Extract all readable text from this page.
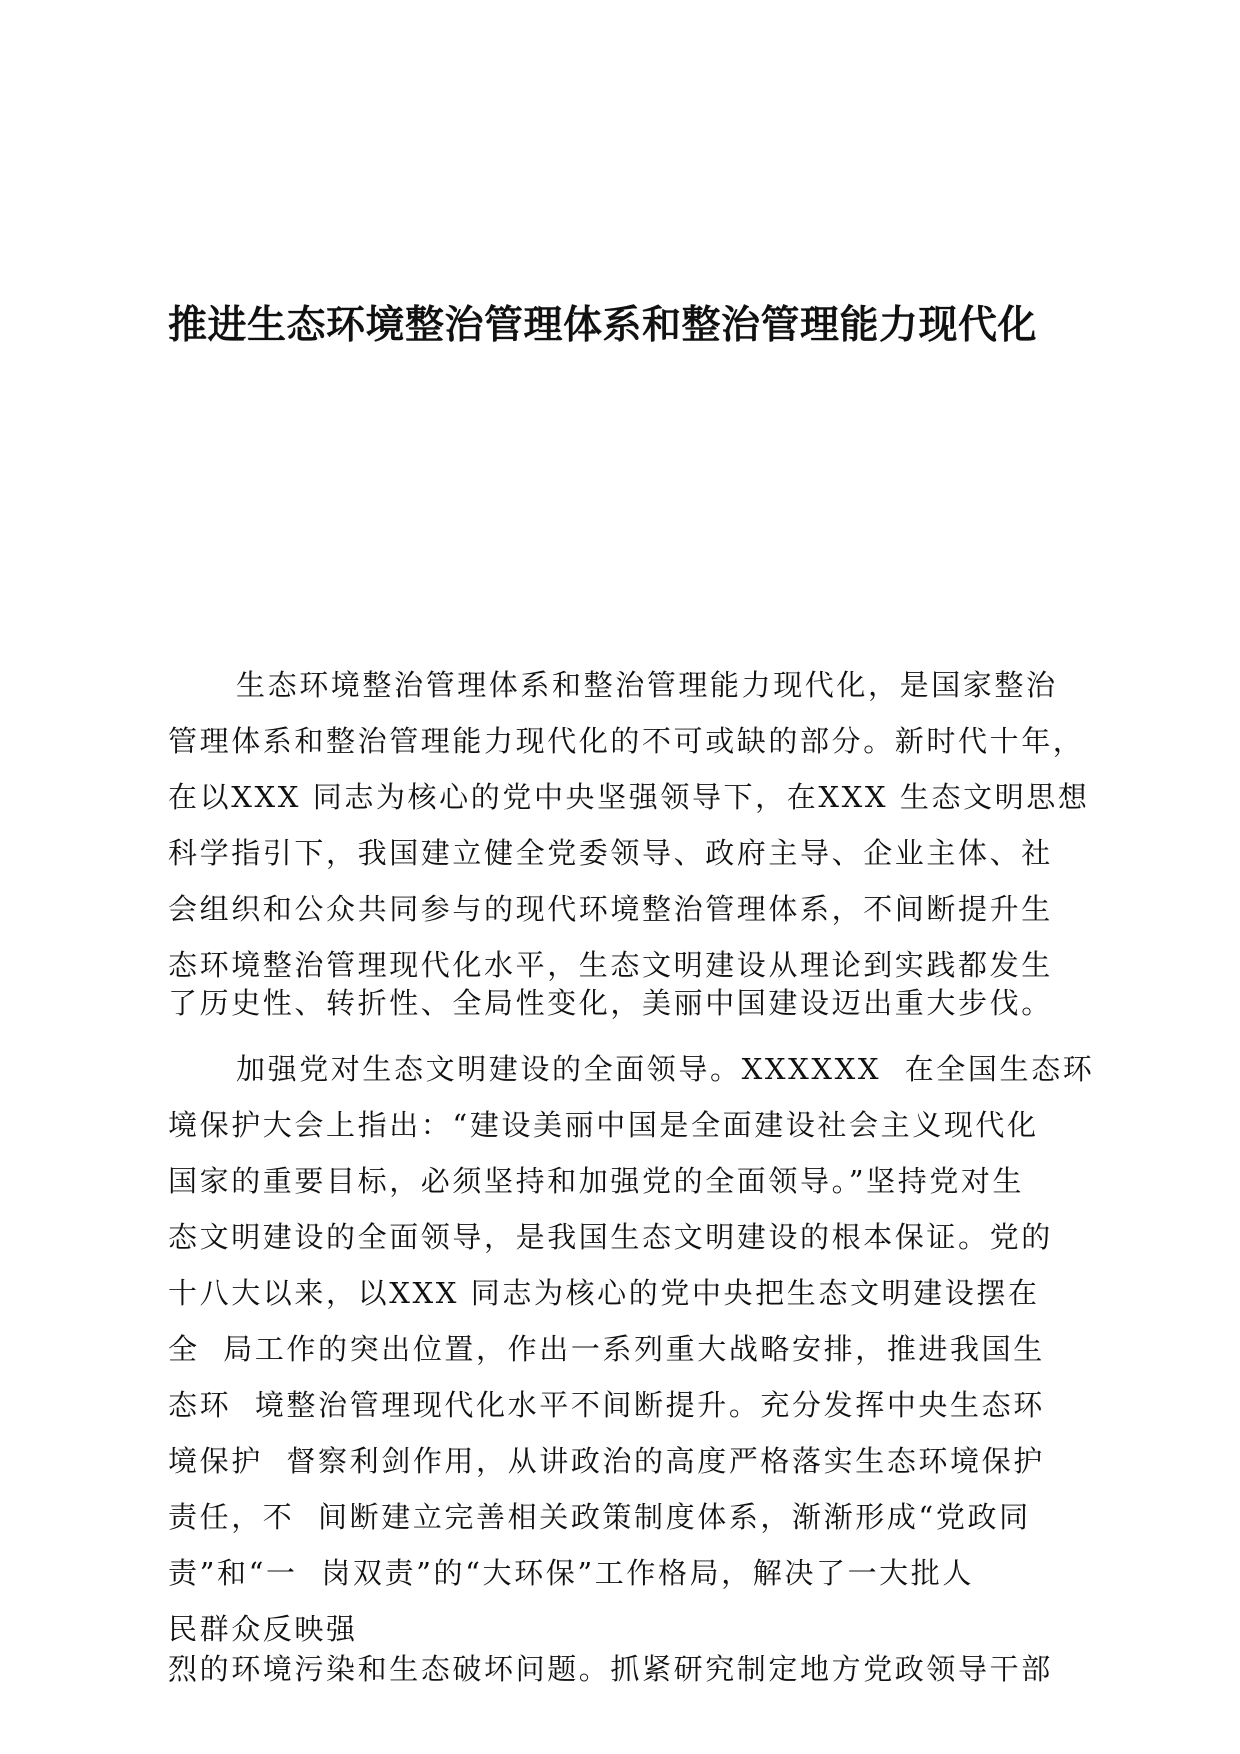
推进生态环境整治管理体系和整治管理能力现代化
生态环境整治管理体系和整治管理能力现代化，是国家整治
管理体系和整治管理能力现代化的不可或缺的部分。新时代十年，
在以XXX 同志为核心的党中央坚强领导下，在XXX 生态文明思想
科学指引下，我国建立健全党委领导、政府主导、企业主体、社
会组织和公众共同参与的现代环境整治管理体系，不间断提升生
态环境整治管理现代化水平，生态文明建设从理论到实践都发生
了历史性、转折性、全局性变化，美丽中国建设迈出重大步伐。
加强党对生态文明建设的全面领导。XXXXXX  在全国生态环
境保护大会上指出：“建设美丽中国是全面建设社会主义现代化
国家的重要目标，必须坚持和加强党的全面领导。”坚持党对生
态文明建设的全面领导，是我国生态文明建设的根本保证。党的
十八大以来，以XXX 同志为核心的党中央把生态文明建设摆在
全  局工作的突出位置，作出一系列重大战略安排，推进我国生
态环  境整治管理现代化水平不间断提升。充分发挥中央生态环
境保护  督察利剑作用，从讲政治的高度严格落实生态环境保护
责任，不  间断建立完善相关政策制度体系，渐渐形成“党政同
责”和“一  岗双责”的“大环保”工作格局，解决了一大批人
民群众反映强
烈的环境污染和生态破坏问题。抓紧研究制定地方党政领导干部
